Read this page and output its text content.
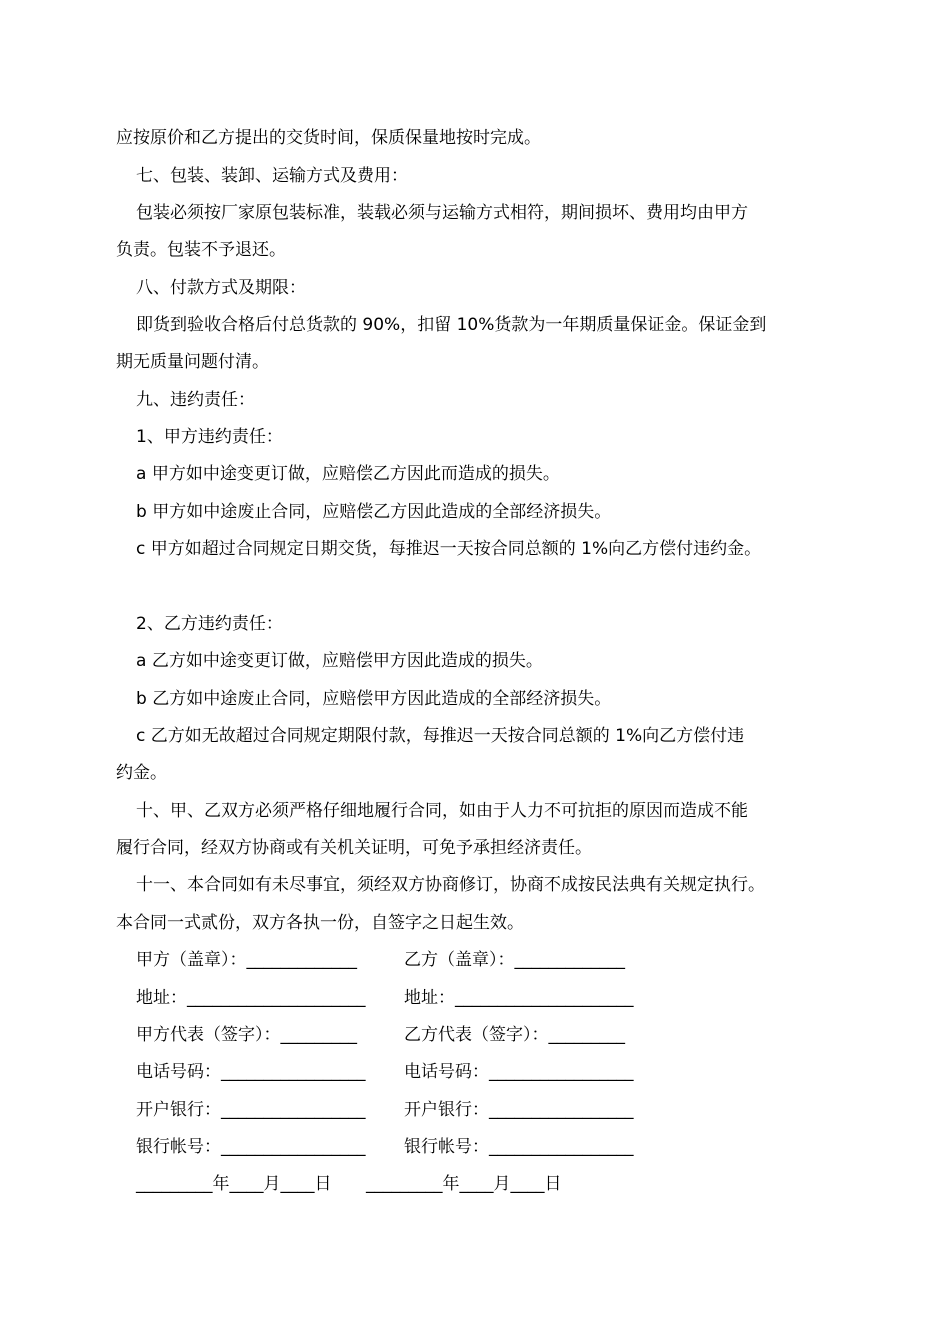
应按原价和乙方提出的交货时间，保质保量地按时完成。
七、包装、装卸、运输方式及费用：
包装必须按厂家原包装标准，装载必须与运输方式相符，期间损坏、费用均由甲方
负责。包装不予退还。
八、付款方式及期限：
即货到验收合格后付总货款的 90%，扣留 10%货款为一年期质量保证金。保证金到
期无质量问题付清。
九、违约责任：
1、甲方违约责任：
a 甲方如中途变更订做，应赔偿乙方因此而造成的损失。
b 甲方如中途废止合同，应赔偿乙方因此造成的全部经济损失。
c 甲方如超过合同规定日期交货，每推迟一天按合同总额的 1%向乙方偿付违约金。
2、乙方违约责任：
a 乙方如中途变更订做，应赔偿甲方因此造成的损失。
b 乙方如中途废止合同，应赔偿甲方因此造成的全部经济损失。
c 乙方如无故超过合同规定期限付款，每推迟一天按合同总额的 1%向乙方偿付违
约金。
十、甲、乙双方必须严格仔细地履行合同，如由于人力不可抗拒的原因而造成不能
履行合同，经双方协商或有关机关证明，可免予承担经济责任。
十一、本合同如有未尽事宜，须经双方协商修订，协商不成按民法典有关规定执行。
本合同一式贰份，双方各执一份，自签字之日起生效。
甲方（盖章）：_____________	乙方（盖章）：_____________
地址：_____________________ 地址：_____________________
甲方代表（签字）：_________	乙方代表（签字）：_________
电话号码：_________________ 电话号码：_________________
开户银行：_________________ 开户银行：_________________
银行帐号：_________________ 银行帐号：_________________
_________年____月____日 _________年____月____日
